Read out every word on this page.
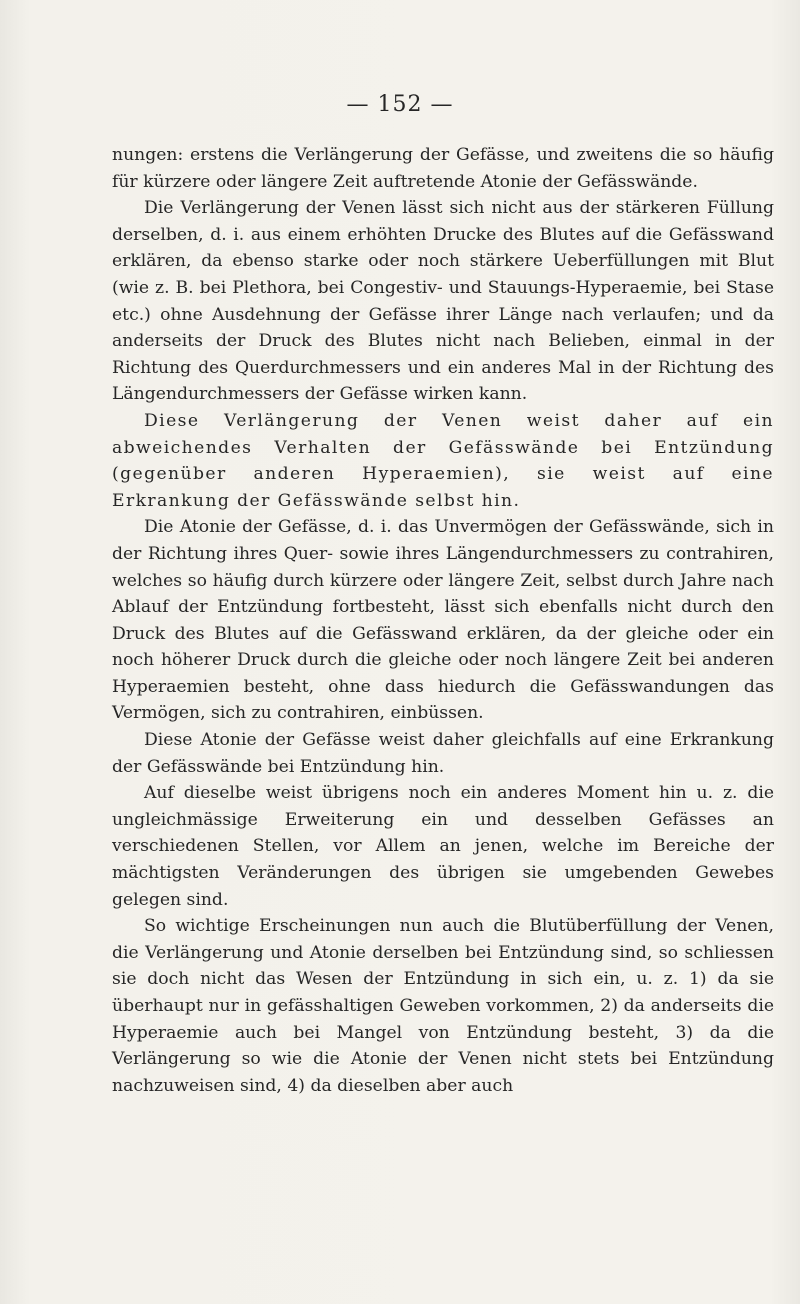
— 152 —

nungen: erstens die Verlängerung der Gefässe, und zweitens die so häufig für kürzere oder längere Zeit auftretende Atonie der Gefässwände.

Die Verlängerung der Venen lässt sich nicht aus der stärkeren Füllung derselben, d. i. aus einem erhöhten Drucke des Blutes auf die Gefässwand erklären, da ebenso starke oder noch stärkere Ueberfüllungen mit Blut (wie z. B. bei Plethora, bei Congestiv- und Stauungs-Hyperaemie, bei Stase etc.) ohne Ausdehnung der Gefässe ihrer Länge nach verlaufen; und da anderseits der Druck des Blutes nicht nach Belieben, einmal in der Richtung des Querdurchmessers und ein anderes Mal in der Richtung des Längendurchmessers der Gefässe wirken kann.

Diese Verlängerung der Venen weist daher auf ein abweichendes Verhalten der Gefässwände bei Entzündung (gegenüber anderen Hyperaemien), sie weist auf eine Erkrankung der Gefässwände selbst hin.

Die Atonie der Gefässe, d. i. das Unvermögen der Gefässwände, sich in der Richtung ihres Quer- sowie ihres Längendurchmessers zu contrahiren, welches so häufig durch kürzere oder längere Zeit, selbst durch Jahre nach Ablauf der Entzündung fortbesteht, lässt sich ebenfalls nicht durch den Druck des Blutes auf die Gefässwand erklären, da der gleiche oder ein noch höherer Druck durch die gleiche oder noch längere Zeit bei anderen Hyperaemien besteht, ohne dass hiedurch die Gefässwandungen das Vermögen, sich zu contrahiren, einbüssen.

Diese Atonie der Gefässe weist daher gleichfalls auf eine Erkrankung der Gefässwände bei Entzündung hin.

Auf dieselbe weist übrigens noch ein anderes Moment hin u. z. die ungleichmässige Erweiterung ein und desselben Gefässes an verschiedenen Stellen, vor Allem an jenen, welche im Bereiche der mächtigsten Veränderungen des übrigen sie umgebenden Gewebes gelegen sind.

So wichtige Erscheinungen nun auch die Blutüberfüllung der Venen, die Verlängerung und Atonie derselben bei Entzündung sind, so schliessen sie doch nicht das Wesen der Entzündung in sich ein, u. z. 1) da sie überhaupt nur in gefässhaltigen Geweben vorkommen, 2) da anderseits die Hyperaemie auch bei Mangel von Entzündung besteht, 3) da die Verlängerung so wie die Atonie der Venen nicht stets bei Entzündung nachzuweisen sind, 4) da dieselben aber auch
